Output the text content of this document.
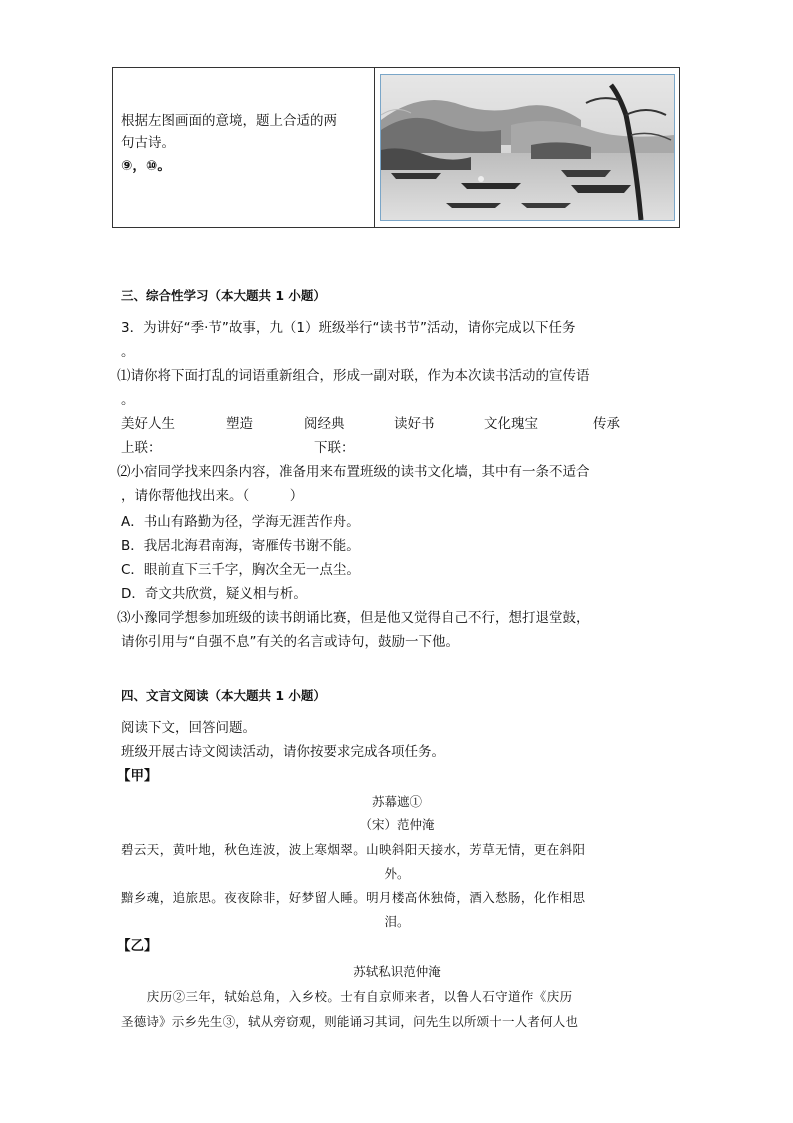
根据左图画面的意境，题上合适的两
句古诗。
⑨，⑩。
三、综合性学习（本大题共 1 小题）
3．为讲好“季·节”故事，九（1）班级举行“读书节”活动，请你完成以下任务
。
⑴请你将下面打乱的词语重新组合，形成一副对联，作为本次读书活动的宣传语
。
美好人生	塑造	阅经典	读好书	文化瑰宝	传承
上联：	下联：
⑵小宿同学找来四条内容，准备用来布置班级的读书文化墙，其中有一条不适合
，请你帮他找出来。（　　　）
A．书山有路勤为径，学海无涯苦作舟。
B．我居北海君南海，寄雁传书谢不能。
C．眼前直下三千字，胸次全无一点尘。
D．奇文共欣赏，疑义相与析。
⑶小豫同学想参加班级的读书朗诵比赛，但是他又觉得自己不行，想打退堂鼓，
请你引用与“自强不息”有关的名言或诗句，鼓励一下他。
四、文言文阅读（本大题共 1 小题）
阅读下文，回答问题。
班级开展古诗文阅读活动，请你按要求完成各项任务。
【甲】
苏幕遮①
（宋）范仲淹
碧云天，黄叶地，秋色连波，波上寒烟翠。山映斜阳天接水，芳草无情，更在斜阳
外。
黯乡魂，追旅思。夜夜除非，好梦留人睡。明月楼高休独倚，酒入愁肠，化作相思
泪。
【乙】
苏轼私识范仲淹
　　庆历②三年，轼始总角，入乡校。士有自京师来者，以鲁人石守道作《庆历
圣德诗》示乡先生③，轼从旁窃观，则能诵习其词，问先生以所颂十一人者何人也
